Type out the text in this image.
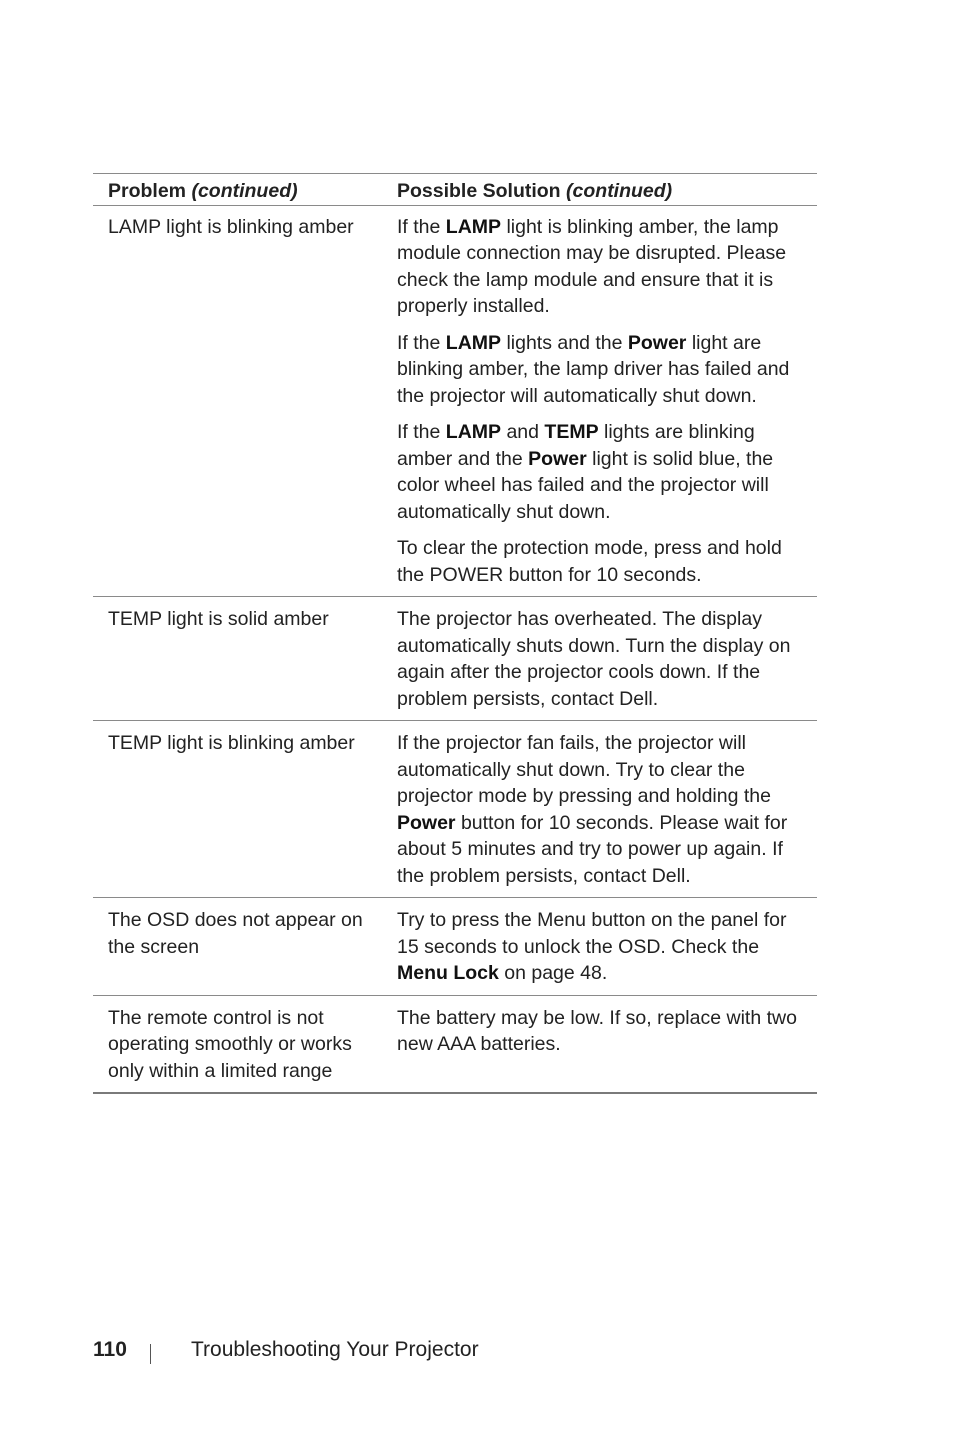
Problem (continued)	Possible Solution (continued)
LAMP light is blinking amber	If the LAMP light is blinking amber, the lamp module connection may be disrupted. Please check the lamp module and ensure that it is properly installed.

If the LAMP lights and the Power light are blinking amber, the lamp driver has failed and the projector will automatically shut down.

If the LAMP and TEMP lights are blinking amber and the Power light is solid blue, the color wheel has failed and the projector will automatically shut down.

To clear the protection mode, press and hold the POWER button for 10 seconds.

TEMP light is solid amber	The projector has overheated. The display automatically shuts down. Turn the display on again after the projector cools down. If the problem persists, contact Dell.

TEMP light is blinking amber	If the projector fan fails, the projector will automatically shut down. Try to clear the projector mode by pressing and holding the Power button for 10 seconds. Please wait for about 5 minutes and try to power up again. If the problem persists, contact Dell.

The OSD does not appear on the screen	Try to press the Menu button on the panel for 15 seconds to unlock the OSD. Check the Menu Lock on page 48.

The remote control is not operating smoothly or works only within a limited range	The battery may be low. If so, replace with two new AAA batteries.

110	Troubleshooting Your Projector
